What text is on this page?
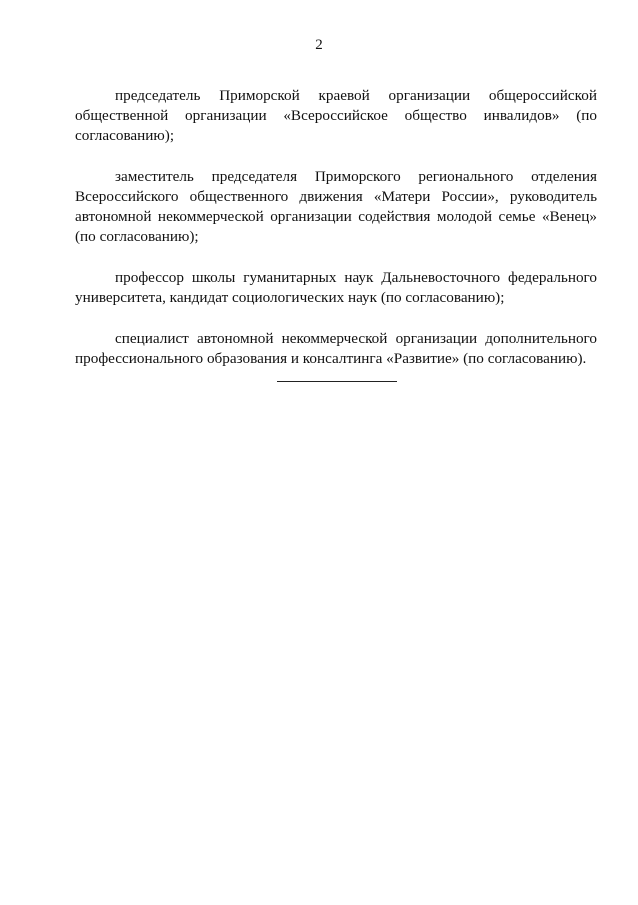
2

председатель Приморской краевой организации общероссийской общественной организации «Всероссийское общество инвалидов» (по согласованию);

заместитель председателя Приморского регионального отделения Всероссийского общественного движения «Матери России», руководитель автономной некоммерческой организации содействия молодой семье «Венец» (по согласованию);

профессор школы гуманитарных наук Дальневосточного федерального университета, кандидат социологических наук (по согласованию);

специалист автономной некоммерческой организации дополнительного профессионального образования и консалтинга «Развитие» (по согласованию).
